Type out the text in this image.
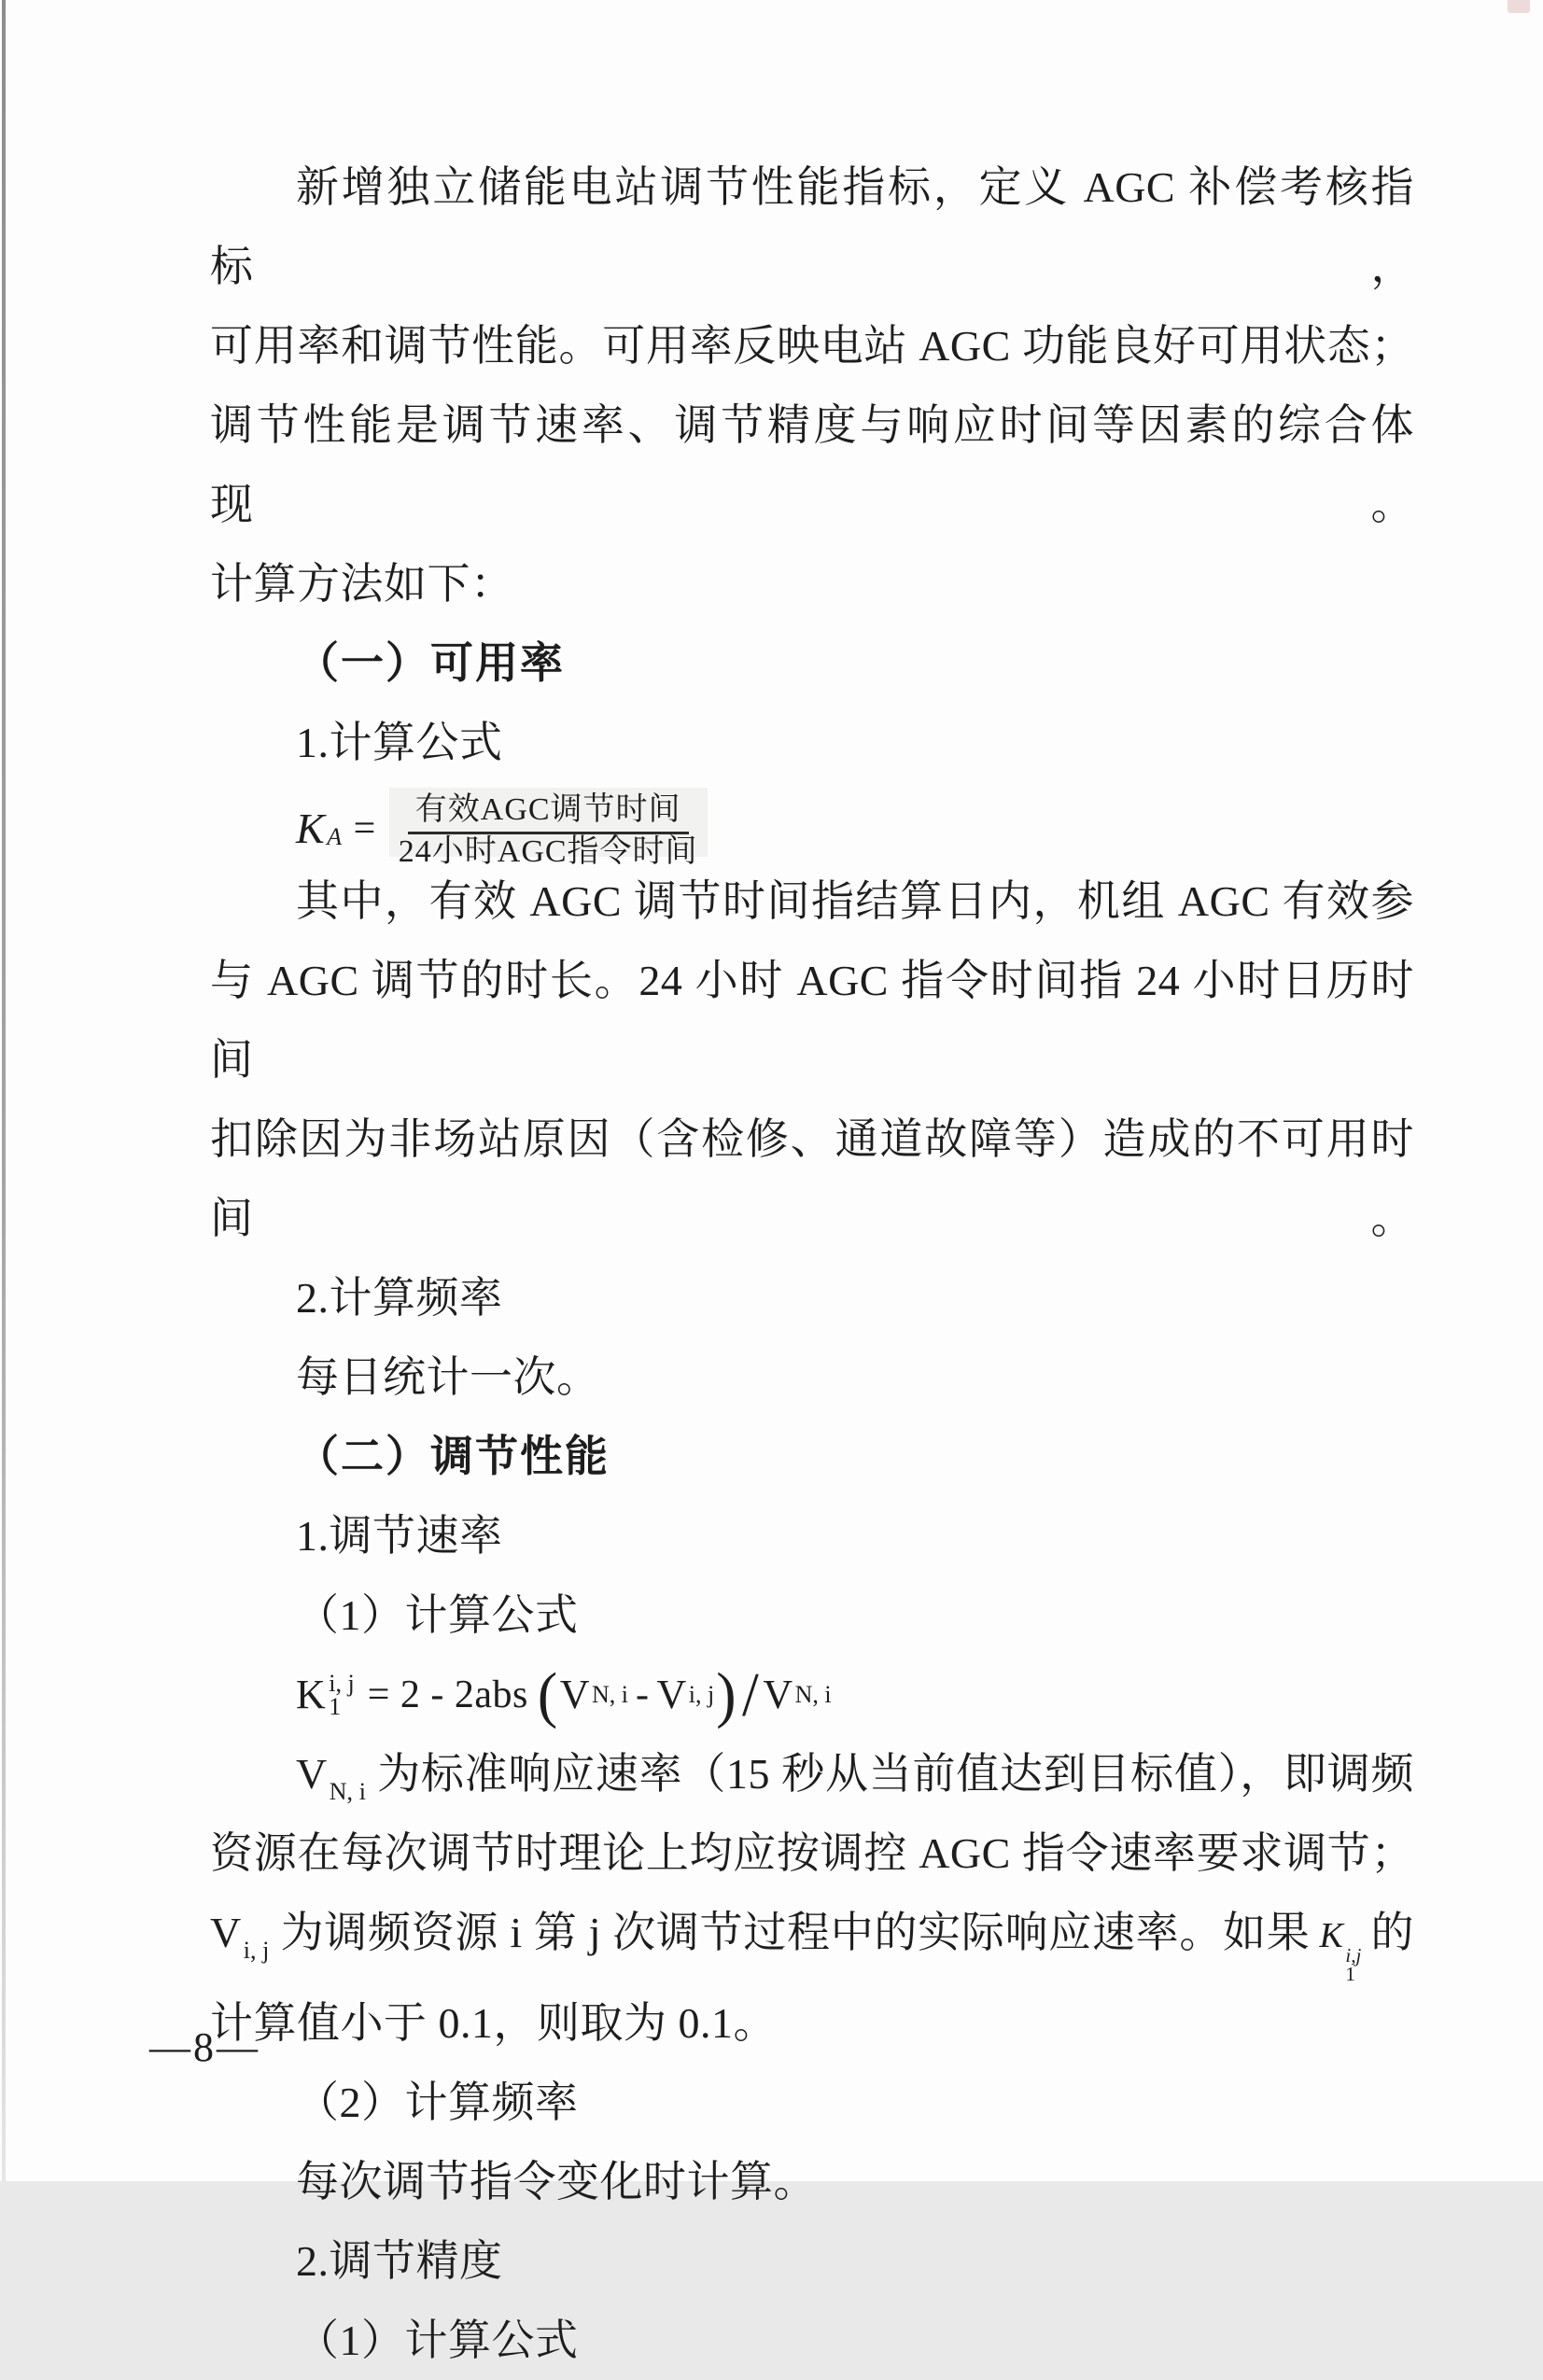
新增独立储能电站调节性能指标，定义 AGC 补偿考核指标，
可用率和调节性能。可用率反映电站 AGC 功能良好可用状态；
调节性能是调节速率、调节精度与响应时间等因素的综合体现。
计算方法如下：
（一）可用率
1.计算公式
K $A = \frac{\text{有效AGC调节时间}}{\text{24小时AGC指令时间}}$
其中，有效 AGC 调节时间指结算日内，机组 AGC 有效参
与 AGC 调节的时长。24 小时 AGC 指令时间指 24 小时日历时间
扣除因为非场站原因（含检修、通道故障等）造成的不可用时间。
2.计算频率
每日统计一次。
（二）调节性能
1.调节速率
（1）计算公式
K i, j
1 = 2 - 2abs ( V N, i - V i, j ) / V N, i
$V_{N, i}$ 为标准响应速率（15 秒从当前值达到目标值），即调频
资源在每次调节时理论上均应按调控 AGC 指令速率要求调节；
$V_{i, j}$ 为调频资源 i 第 j 次调节过程中的实际响应速率。如果 K i,j
1
的
计算值小于 0.1，则取为 0.1。
（2）计算频率
每次调节指令变化时计算。
2.调节精度
（1）计算公式
—8—
